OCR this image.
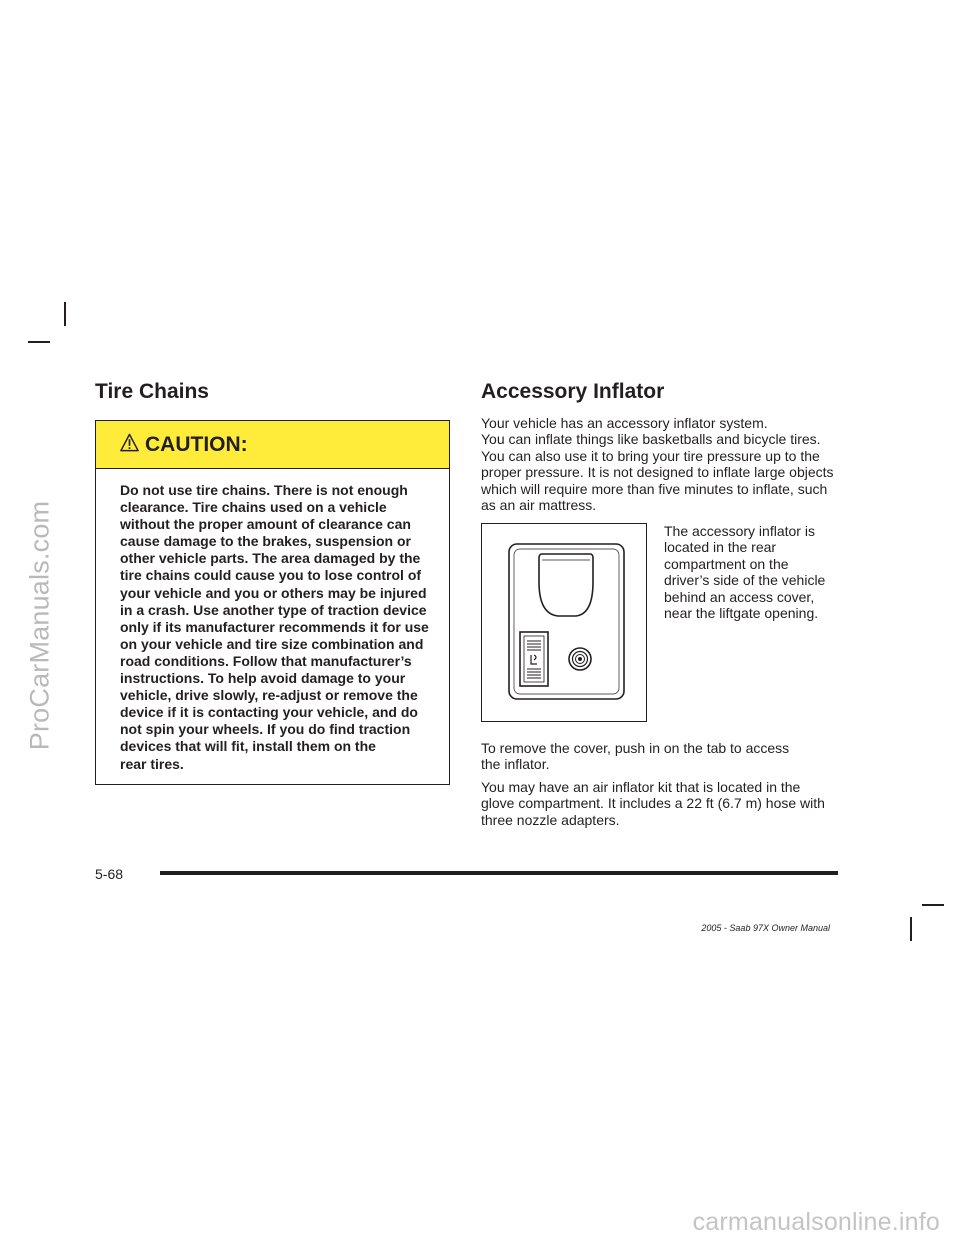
ProCarManuals.com
carmanualsonline.info
Tire Chains
CAUTION:
Do not use tire chains. There is not enough
clearance. Tire chains used on a vehicle
without the proper amount of clearance can
cause damage to the brakes, suspension or
other vehicle parts. The area damaged by the
tire chains could cause you to lose control of
your vehicle and you or others may be injured
in a crash. Use another type of traction device
only if its manufacturer recommends it for use
on your vehicle and tire size combination and
road conditions. Follow that manufacturer’s
instructions. To help avoid damage to your
vehicle, drive slowly, re-adjust or remove the
device if it is contacting your vehicle, and do
not spin your wheels. If you do find traction
devices that will fit, install them on the
rear tires.
Accessory Inflator
Your vehicle has an accessory inflator system.
You can inflate things like basketballs and bicycle tires.
You can also use it to bring your tire pressure up to the
proper pressure. It is not designed to inflate large objects
which will require more than five minutes to inflate, such
as an air mattress.
The accessory inflator is
located in the rear
compartment on the
driver’s side of the vehicle
behind an access cover,
near the liftgate opening.
To remove the cover, push in on the tab to access
the inflator.
You may have an air inflator kit that is located in the
glove compartment. It includes a 22 ft (6.7 m) hose with
three nozzle adapters.
5-68
2005 - Saab 97X Owner Manual
